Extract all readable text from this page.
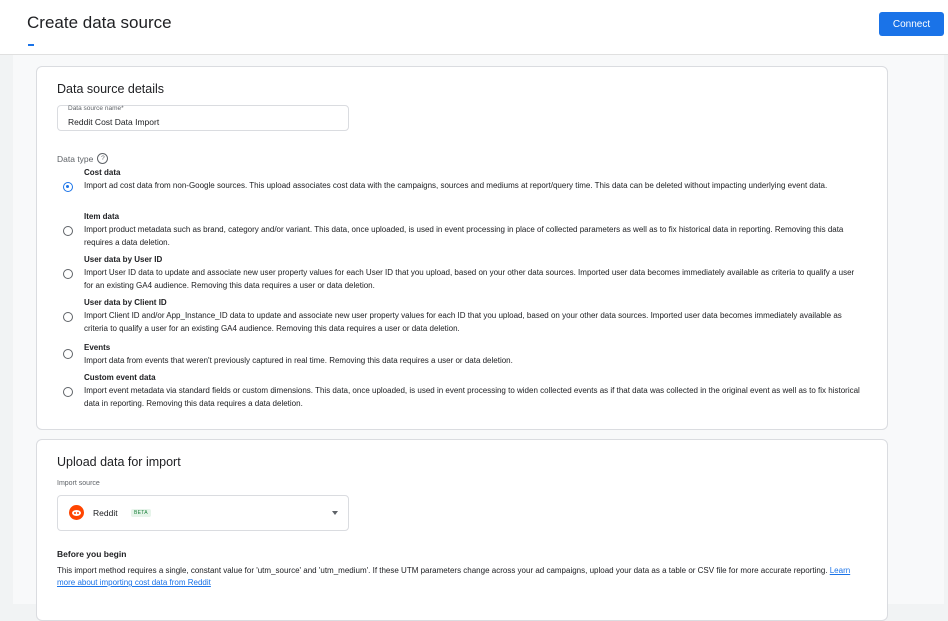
Create data source	Connect
Data source details
Data source name*
Reddit Cost Data Import
Data type	?
Cost data
Import ad cost data from non-Google sources. This upload associates cost data with the campaigns, sources and mediums at report/query time. This data can be deleted without impacting underlying event data.
Item data
Import product metadata such as brand, category and/or variant. This data, once uploaded, is used in event processing in place of collected parameters as well as to fix historical data in reporting. Removing this data requires a data deletion.
User data by User ID
Import User ID data to update and associate new user property values for each User ID that you upload, based on your other data sources. Imported user data becomes immediately available as criteria to qualify a user for an existing GA4 audience. Removing this data requires a user or data deletion.
User data by Client ID
Import Client ID and/or App_Instance_ID data to update and associate new user property values for each ID that you upload, based on your other data sources. Imported user data becomes immediately available as criteria to qualify a user for an existing GA4 audience. Removing this data requires a user or data deletion.
Events
Import data from events that weren't previously captured in real time. Removing this data requires a user or data deletion.
Custom event data
Import event metadata via standard fields or custom dimensions. This data, once uploaded, is used in event processing to widen collected events as if that data was collected in the original event as well as to fix historical data in reporting. Removing this data requires a data deletion.
Upload data for import
Import source
Reddit	BETA
Before you begin
This import method requires a single, constant value for 'utm_source' and 'utm_medium'. If these UTM parameters change across your ad campaigns, upload your data as a table or CSV file for more accurate reporting. Learn more about importing cost data from Reddit
